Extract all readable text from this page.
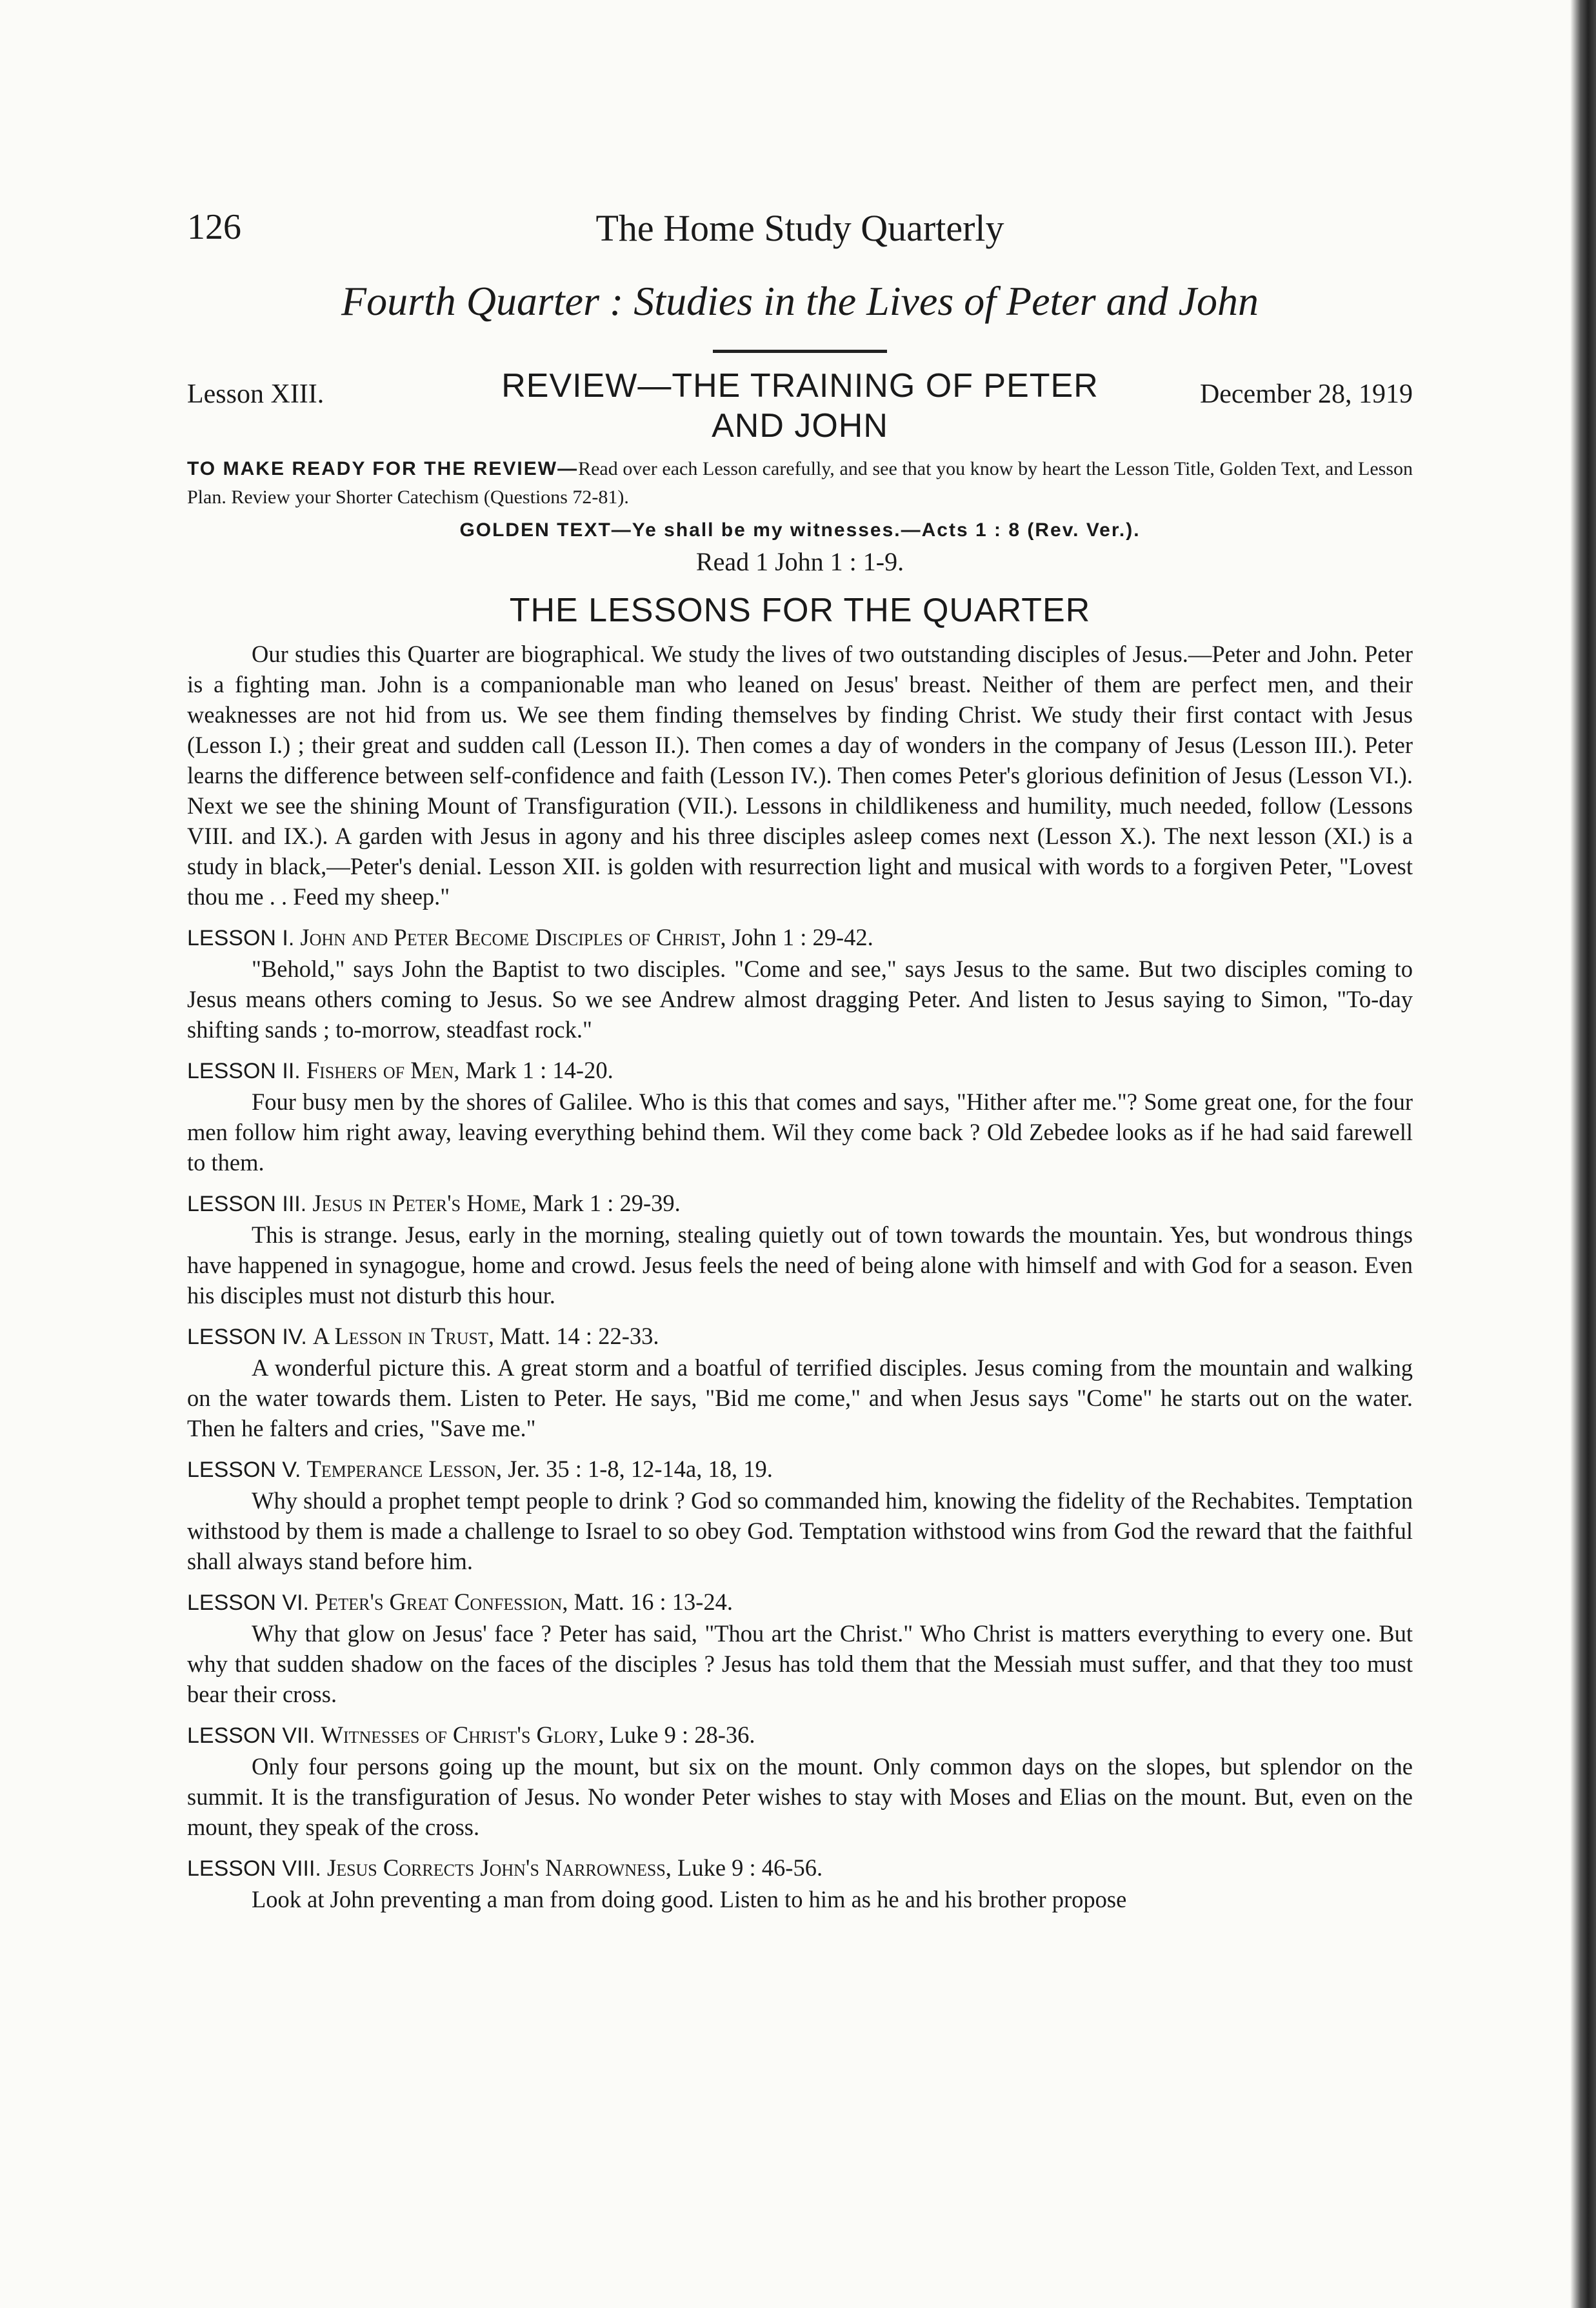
126	The Home Study Quarterly
Fourth Quarter : Studies in the Lives of Peter and John
Lesson XIII.	REVIEW—THE TRAINING OF PETER
AND JOHN
December 28, 1919
TO MAKE READY FOR THE REVIEW—Read over each Lesson carefully, and see that you know by heart the Lesson Title, Golden Text, and Lesson Plan. Review your Shorter Catechism (Questions 72-81).
GOLDEN TEXT—Ye shall be my witnesses.—Acts 1 : 8 (Rev. Ver.).
Read 1 John 1 : 1-9.
THE LESSONS FOR THE QUARTER

Our studies this Quarter are biographical. We study the lives of two outstanding disciples of Jesus.—Peter and John. Peter is a fighting man. John is a companionable man who leaned on Jesus' breast. Neither of them are perfect men, and their weaknesses are not hid from us. We see them finding themselves by finding Christ. We study their first contact with Jesus (Lesson I.) ; their great and sudden call (Lesson II.). Then comes a day of wonders in the company of Jesus (Lesson III.). Peter learns the difference between self-confidence and faith (Lesson IV.). Then comes Peter's glorious definition of Jesus (Lesson VI.). Next we see the shining Mount of Transfiguration (VII.). Lessons in childlikeness and humility, much needed, follow (Lessons VIII. and IX.). A garden with Jesus in agony and his three disciples asleep comes next (Lesson X.). The next lesson (XI.) is a study in black,—Peter's denial. Lesson XII. is golden with resurrection light and musical with words to a forgiven Peter, "Lovest thou me . . Feed my sheep."

LESSON I. John and Peter Become Disciples of Christ, John 1 : 29-42.

"Behold," says John the Baptist to two disciples. "Come and see," says Jesus to the same. But two disciples coming to Jesus means others coming to Jesus. So we see Andrew almost dragging Peter. And listen to Jesus saying to Simon, "To-day shifting sands ; to-morrow, steadfast rock."

LESSON II. Fishers of Men, Mark 1 : 14-20.

Four busy men by the shores of Galilee. Who is this that comes and says, "Hither after me."? Some great one, for the four men follow him right away, leaving everything behind them. Wil they come back ? Old Zebedee looks as if he had said farewell to them.

LESSON III. Jesus in Peter's Home, Mark 1 : 29-39.

This is strange. Jesus, early in the morning, stealing quietly out of town towards the mountain. Yes, but wondrous things have happened in synagogue, home and crowd. Jesus feels the need of being alone with himself and with God for a season. Even his disciples must not disturb this hour.

LESSON IV. A Lesson in Trust, Matt. 14 : 22-33.

A wonderful picture this. A great storm and a boatful of terrified disciples. Jesus coming from the mountain and walking on the water towards them. Listen to Peter. He says, "Bid me come," and when Jesus says "Come" he starts out on the water. Then he falters and cries, "Save me."

LESSON V. Temperance Lesson, Jer. 35 : 1-8, 12-14a, 18, 19.

Why should a prophet tempt people to drink ? God so commanded him, knowing the fidelity of the Rechabites. Temptation withstood by them is made a challenge to Israel to so obey God. Temptation withstood wins from God the reward that the faithful shall always stand before him.

LESSON VI. Peter's Great Confession, Matt. 16 : 13-24.

Why that glow on Jesus' face ? Peter has said, "Thou art the Christ." Who Christ is matters everything to every one. But why that sudden shadow on the faces of the disciples ? Jesus has told them that the Messiah must suffer, and that they too must bear their cross.

LESSON VII. Witnesses of Christ's Glory, Luke 9 : 28-36.

Only four persons going up the mount, but six on the mount. Only common days on the slopes, but splendor on the summit. It is the transfiguration of Jesus. No wonder Peter wishes to stay with Moses and Elias on the mount. But, even on the mount, they speak of the cross.

LESSON VIII. Jesus Corrects John's Narrowness, Luke 9 : 46-56.

Look at John preventing a man from doing good. Listen to him as he and his brother propose
